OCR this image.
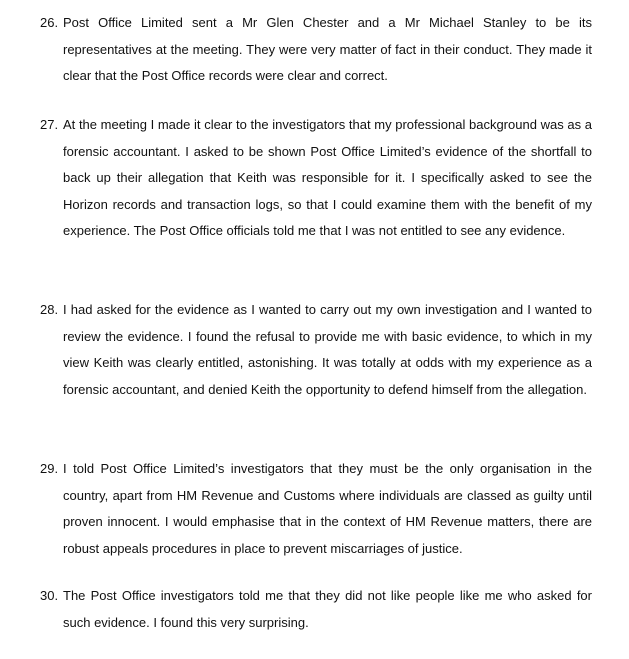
26. Post Office Limited sent a Mr Glen Chester and a Mr Michael Stanley to be its representatives at the meeting. They were very matter of fact in their conduct. They made it clear that the Post Office records were clear and correct.
27. At the meeting I made it clear to the investigators that my professional background was as a forensic accountant. I asked to be shown Post Office Limited’s evidence of the shortfall to back up their allegation that Keith was responsible for it. I specifically asked to see the Horizon records and transaction logs, so that I could examine them with the benefit of my experience. The Post Office officials told me that I was not entitled to see any evidence.
28. I had asked for the evidence as I wanted to carry out my own investigation and I wanted to review the evidence. I found the refusal to provide me with basic evidence, to which in my view Keith was clearly entitled, astonishing. It was totally at odds with my experience as a forensic accountant, and denied Keith the opportunity to defend himself from the allegation.
29. I told Post Office Limited’s investigators that they must be the only organisation in the country, apart from HM Revenue and Customs where individuals are classed as guilty until proven innocent. I would emphasise that in the context of HM Revenue matters, there are robust appeals procedures in place to prevent miscarriages of justice.
30. The Post Office investigators told me that they did not like people like me who asked for such evidence. I found this very surprising.
